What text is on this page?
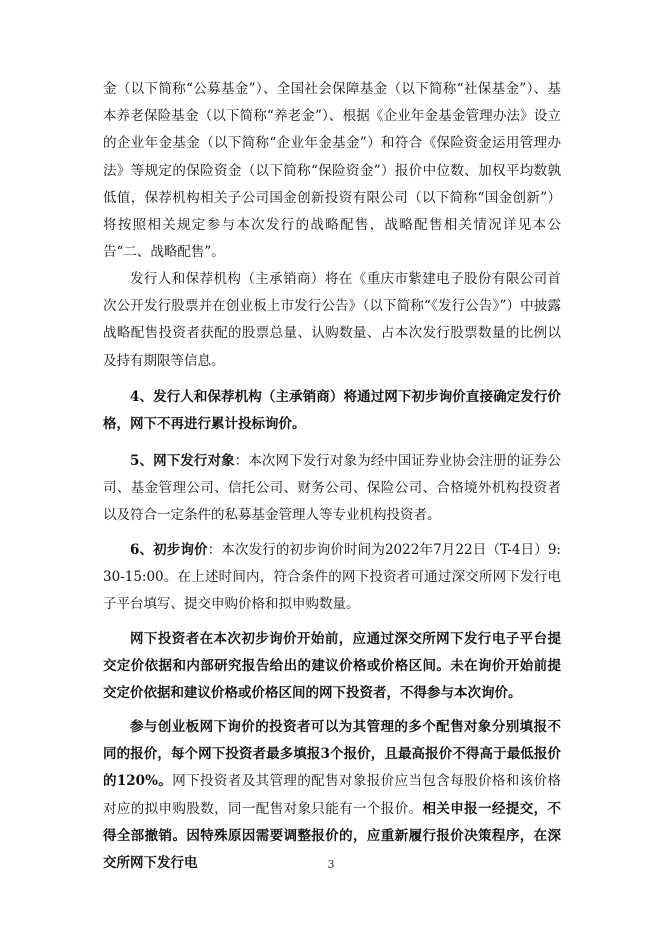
金（以下简称“公募基金”）、全国社会保障基金（以下简称“社保基金”）、基本养老保险基金（以下简称“养老金”）、根据《企业年金基金管理办法》设立的企业年金基金（以下简称“企业年金基金”）和符合《保险资金运用管理办法》等规定的保险资金（以下简称“保险资金”）报价中位数、加权平均数孰低值，保荐机构相关子公司国金创新投资有限公司（以下简称“国金创新”）将按照相关规定参与本次发行的战略配售，战略配售相关情况详见本公告“二、战略配售”。

发行人和保荐机构（主承销商）将在《重庆市紫建电子股份有限公司首次公开发行股票并在创业板上市发行公告》（以下简称“《发行公告》”）中披露战略配售投资者获配的股票总量、认购数量、占本次发行股票数量的比例以及持有期限等信息。

4、发行人和保荐机构（主承销商）将通过网下初步询价直接确定发行价格，网下不再进行累计投标询价。

5、网下发行对象：本次网下发行对象为经中国证券业协会注册的证券公司、基金管理公司、信托公司、财务公司、保险公司、合格境外机构投资者以及符合一定条件的私募基金管理人等专业机构投资者。

6、初步询价：本次发行的初步询价时间为2022年7月22日（T-4日）9:30-15:00。在上述时间内，符合条件的网下投资者可通过深交所网下发行电子平台填写、提交申购价格和拟申购数量。

网下投资者在本次初步询价开始前，应通过深交所网下发行电子平台提交定价依据和内部研究报告给出的建议价格或价格区间。未在询价开始前提交定价依据和建议价格或价格区间的网下投资者，不得参与本次询价。

参与创业板网下询价的投资者可以为其管理的多个配售对象分别填报不同的报价，每个网下投资者最多填报3个报价，且最高报价不得高于最低报价的120%。网下投资者及其管理的配售对象报价应当包含每股价格和该价格对应的拟申购股数，同一配售对象只能有一个报价。相关申报一经提交，不得全部撤销。因特殊原因需要调整报价的，应重新履行报价决策程序，在深交所网下发行电	3
